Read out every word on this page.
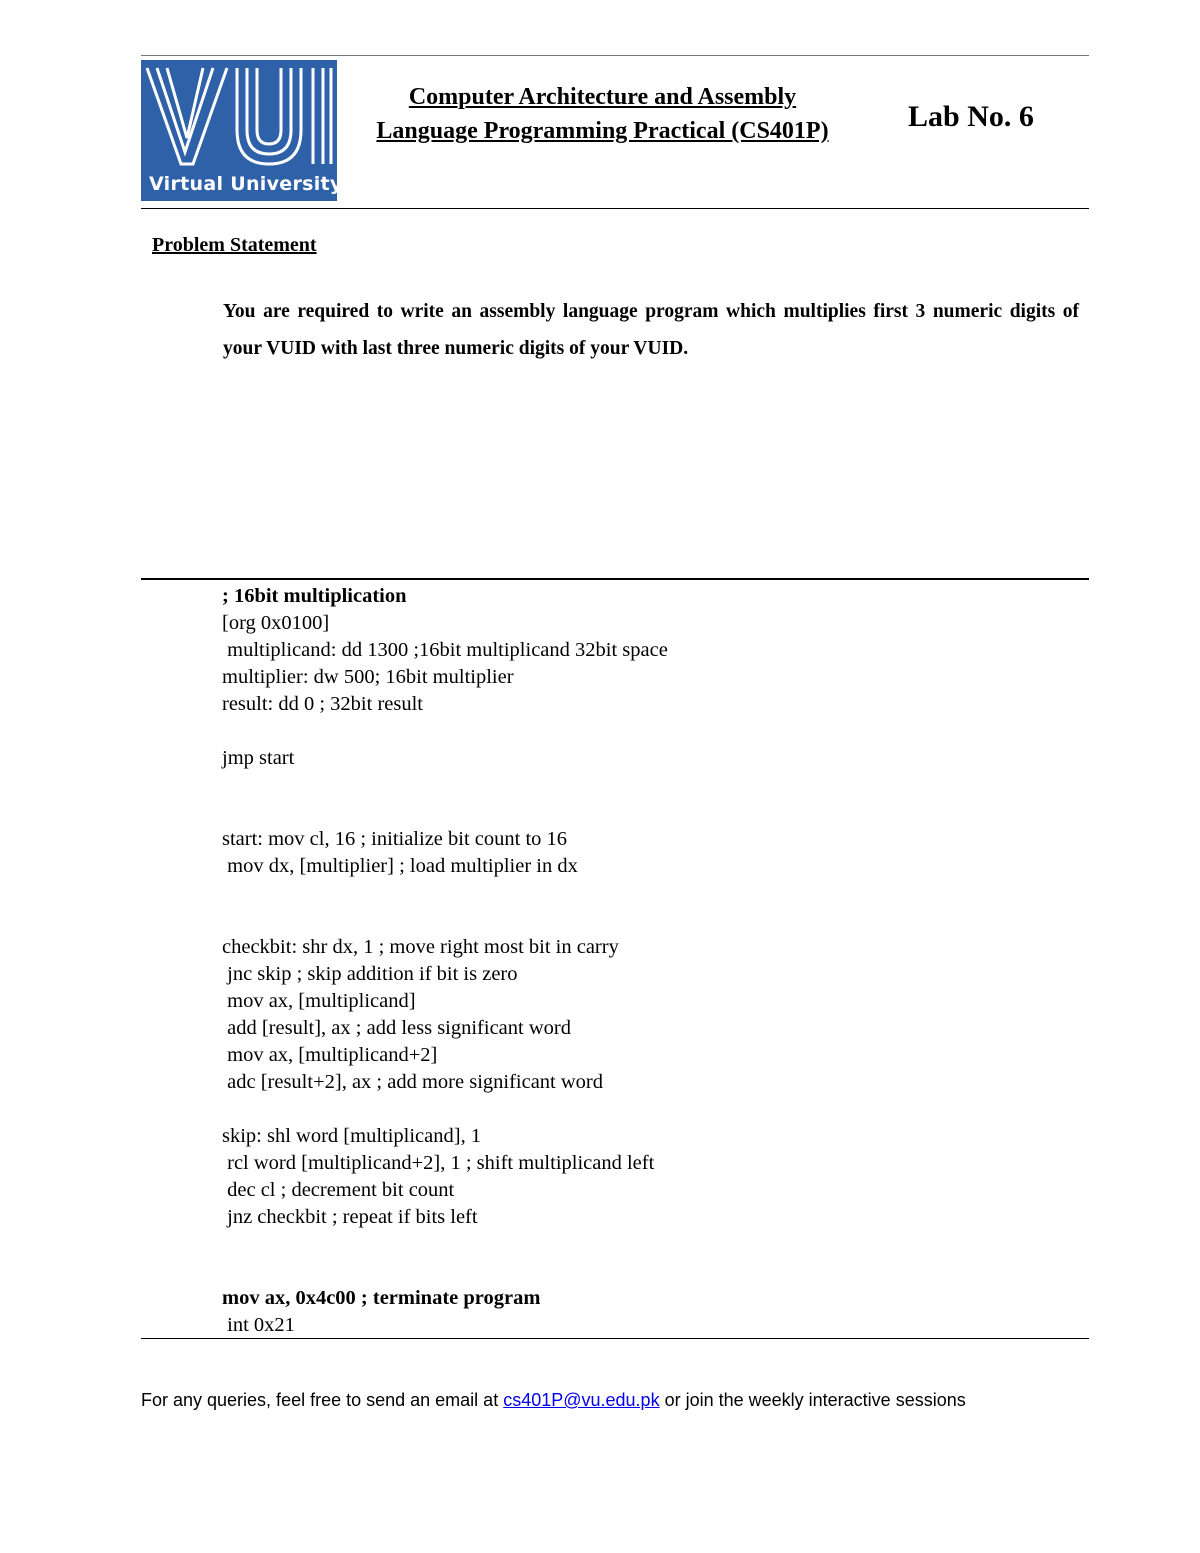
Virtual University
Computer Architecture and Assembly
Language Programming Practical (CS401P)	Lab No. 6
Problem Statement
You are required to write an assembly language program which multiplies first 3 numeric digits of your VUID with last three numeric digits of your VUID.
; 16bit multiplication
[org 0x0100]
multiplicand: dd 1300 ;16bit multiplicand 32bit space
multiplier: dw 500; 16bit multiplier
result: dd 0 ; 32bit result
jmp start
start: mov cl, 16 ; initialize bit count to 16
mov dx, [multiplier] ; load multiplier in dx
checkbit: shr dx, 1 ; move right most bit in carry
jnc skip ; skip addition if bit is zero
mov ax, [multiplicand]
add [result], ax ; add less significant word
mov ax, [multiplicand+2]
adc [result+2], ax ; add more significant word
skip: shl word [multiplicand], 1
rcl word [multiplicand+2], 1 ; shift multiplicand left
dec cl ; decrement bit count
jnz checkbit ; repeat if bits left
mov ax, 0x4c00 ; terminate program
int 0x21
For any queries, feel free to send an email at cs401P@vu.edu.pk or join the weekly interactive sessions
